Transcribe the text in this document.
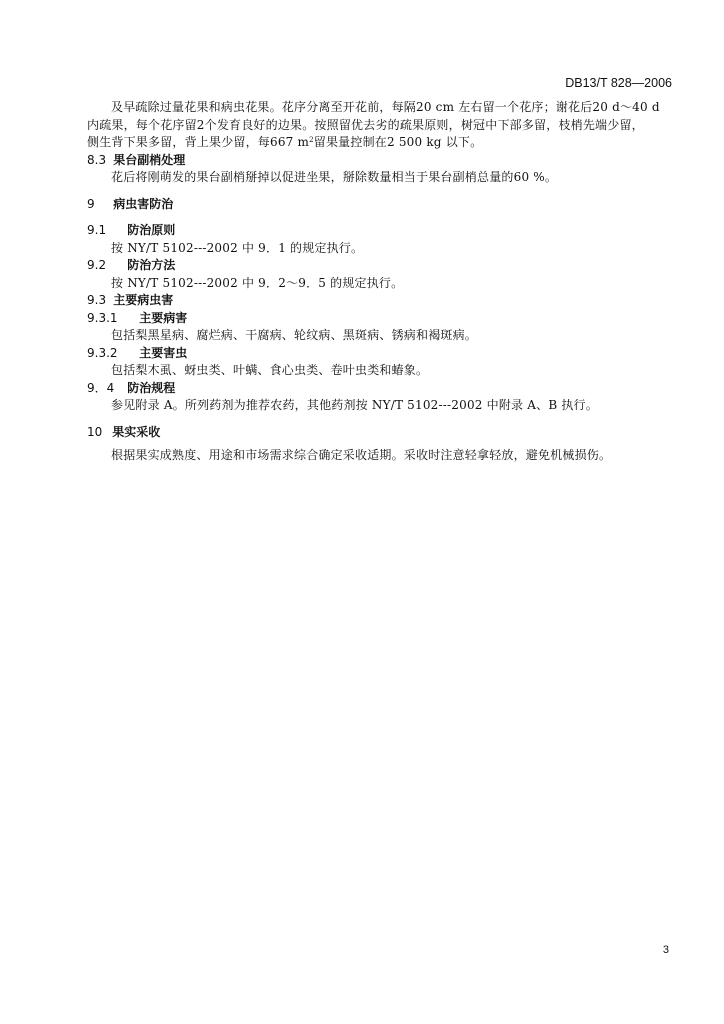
DB13/T 828—2006
及早疏除过量花果和病虫花果。花序分离至开花前，每隔20 cm 左右留一个花序；谢花后20 d～40 d
内疏果，每个花序留2个发育良好的边果。按照留优去劣的疏果原则，树冠中下部多留，枝梢先端少留，
侧生背下果多留，背上果少留，每667 $m^2$留果量控制在2 500 kg 以下。
8.3 果台副梢处理
花后将刚萌发的果台副梢掰掉以促进坐果，掰除数量相当于果台副梢总量的60 %。
9 病虫害防治
9.1 防治原则
按 NY/T 5102---2002 中 9．1 的规定执行。
9.2 防治方法
按 NY/T 5102---2002 中 9．2～9．5 的规定执行。
9.3 主要病虫害
9.3.1 主要病害
包括梨黑星病、腐烂病、干腐病、轮纹病、黑斑病、锈病和褐斑病。
9.3.2 主要害虫
包括梨木虱、蚜虫类、叶螨、食心虫类、卷叶虫类和蝽象。
9．4 防治规程
参见附录 A。所列药剂为推荐农药，其他药剂按 NY/T 5102---2002 中附录 A、B 执行。
10 果实采收
根据果实成熟度、用途和市场需求综合确定采收适期。采收时注意轻拿轻放，避免机械损伤。
3
